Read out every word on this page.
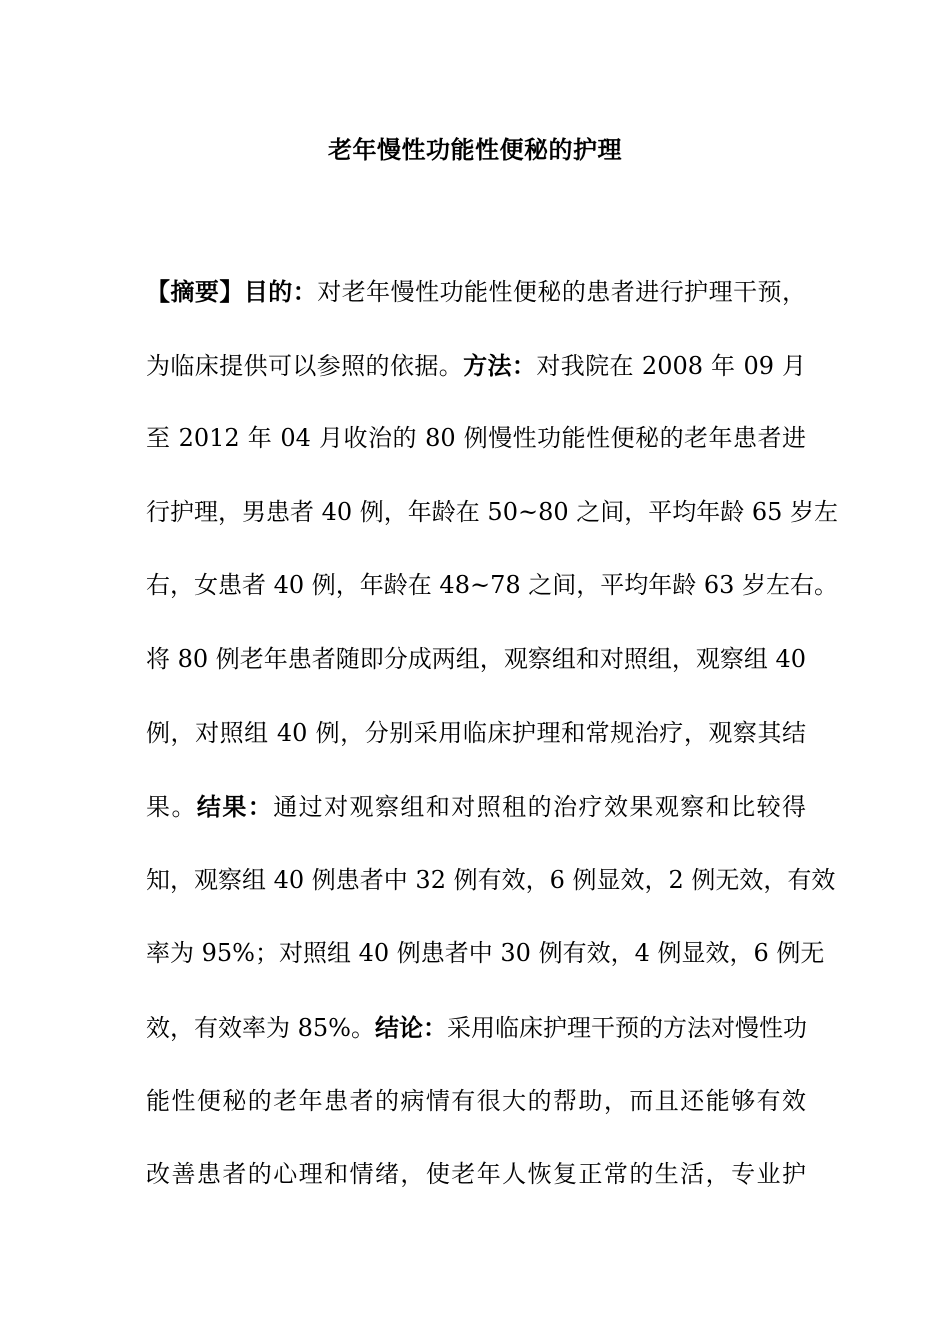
老年慢性功能性便秘的护理
【摘要】目的：对老年慢性功能性便秘的患者进行护理干预，
为临床提供可以参照的依据。方法：对我院在 2008 年 09 月
至 2012 年 04 月收治的 80 例慢性功能性便秘的老年患者进
行护理，男患者 40 例，年龄在 50~80 之间，平均年龄 65 岁左
右，女患者 40 例，年龄在 48~78 之间，平均年龄 63 岁左右。
将 80 例老年患者随即分成两组，观察组和对照组，观察组 40
例，对照组 40 例，分别采用临床护理和常规治疗，观察其结
果。结果：通过对观察组和对照租的治疗效果观察和比较得
知，观察组 40 例患者中 32 例有效，6 例显效，2 例无效，有效
率为 95%；对照组 40 例患者中 30 例有效，4 例显效，6 例无
效，有效率为 85%。结论：采用临床护理干预的方法对慢性功
能性便秘的老年患者的病情有很大的帮助，而且还能够有效
改善患者的心理和情绪，使老年人恢复正常的生活，专业护
